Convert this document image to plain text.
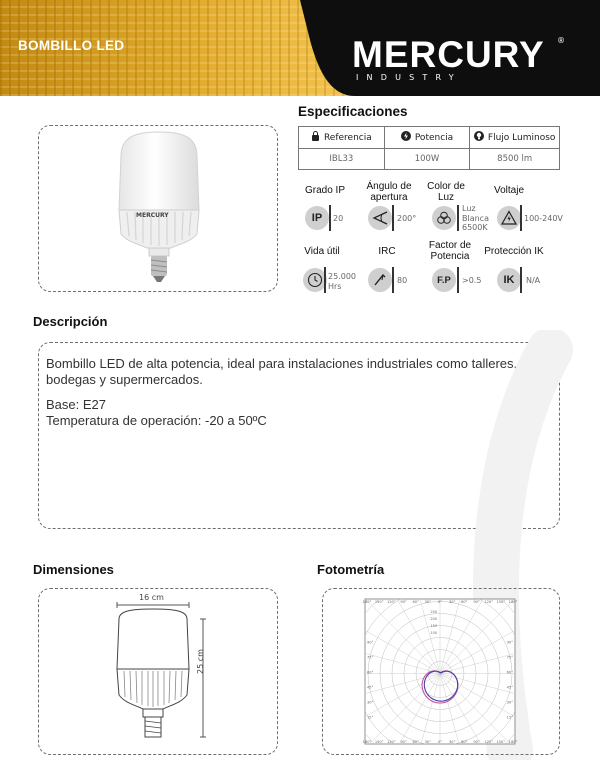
BOMBILLO LED	MERCURY ®
INDUSTRY
MERCURY
Especificaciones
Referencia	Potencia	Flujo Luminoso
IBL33	100W	8500 lm
Grado IP
IP 20
Ángulo de apertura
200°
Color de Luz
Luz Blanca 6500K
Voltaje
100-240V
Vida útil
25.000 Hrs
IRC
80
Factor de Potencia
F.P >0.5
Protección IK
IK N/A
Descripción

Bombillo LED de alta potencia, ideal para instalaciones industriales como talleres, bodegas y supermercados.

Base: E27

Temperatura de operación: -20 a 50ºC

Dimensiones
16 cm
25 cm
Fotometría
180° 150° 120° 90° 60° 30° 0° 30° 60° 90° 120° 150° 180°
180° 150° 120° 90° 60° 30° 0° 30° 60° 90° 120° 150° 180°
90°	90°
75°	75°
60°	60°
45°	45°
30°	30°
15°	15°
250
200
150
100
